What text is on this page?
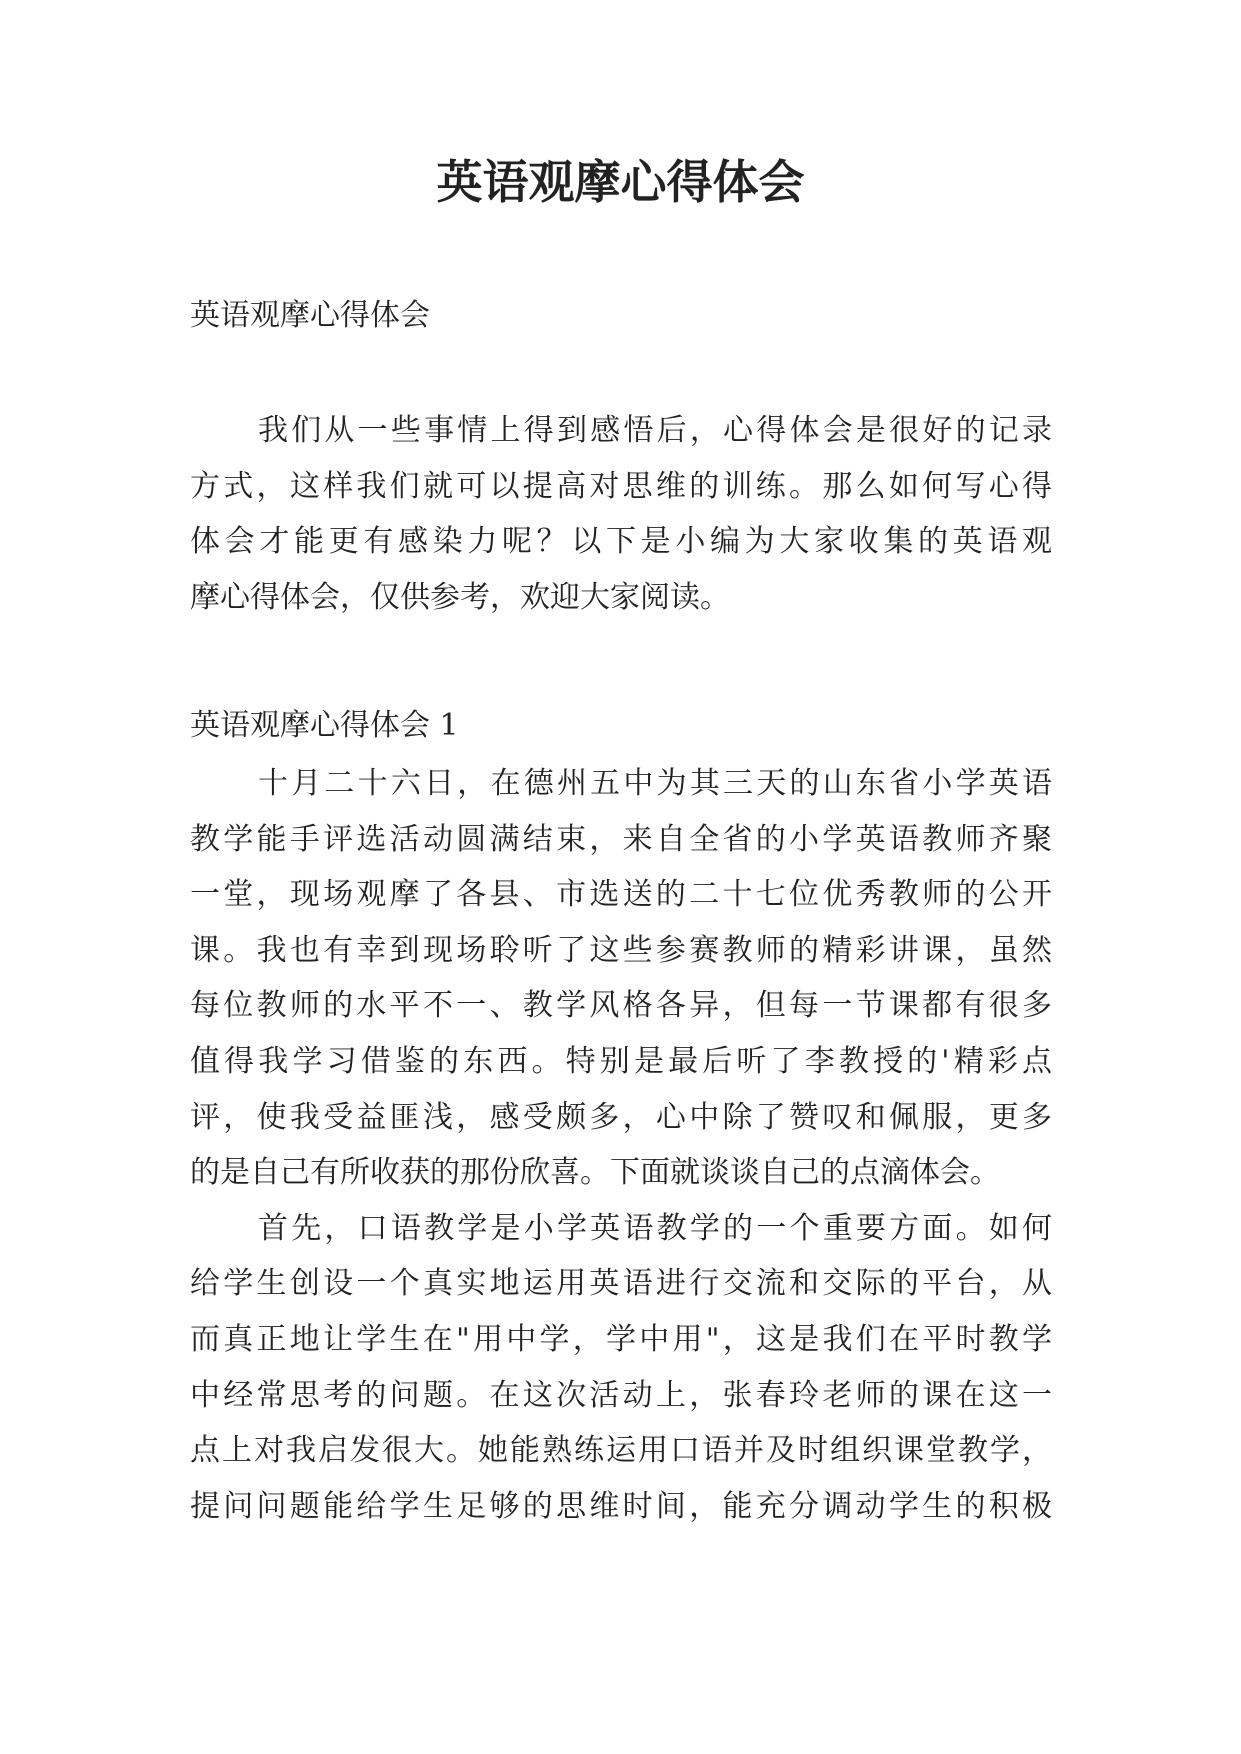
英语观摩心得体会

英语观摩心得体会

我们从一些事情上得到感悟后，心得体会是很好的记录
方式，这样我们就可以提高对思维的训练。那么如何写心得
体会才能更有感染力呢？以下是小编为大家收集的英语观
摩心得体会，仅供参考，欢迎大家阅读。

英语观摩心得体会 1

十月二十六日，在德州五中为其三天的山东省小学英语
教学能手评选活动圆满结束，来自全省的小学英语教师齐聚
一堂，现场观摩了各县、市选送的二十七位优秀教师的公开
课。我也有幸到现场聆听了这些参赛教师的精彩讲课，虽然
每位教师的水平不一、教学风格各异，但每一节课都有很多
值得我学习借鉴的东西。特别是最后听了李教授的'精彩点
评，使我受益匪浅，感受颇多，心中除了赞叹和佩服，更多
的是自己有所收获的那份欣喜。下面就谈谈自己的点滴体会。
首先，口语教学是小学英语教学的一个重要方面。如何
给学生创设一个真实地运用英语进行交流和交际的平台，从
而真正地让学生在"用中学，学中用"，这是我们在平时教学
中经常思考的问题。在这次活动上，张春玲老师的课在这一
点上对我启发很大。她能熟练运用口语并及时组织课堂教学，
提问问题能给学生足够的思维时间，能充分调动学生的积极
